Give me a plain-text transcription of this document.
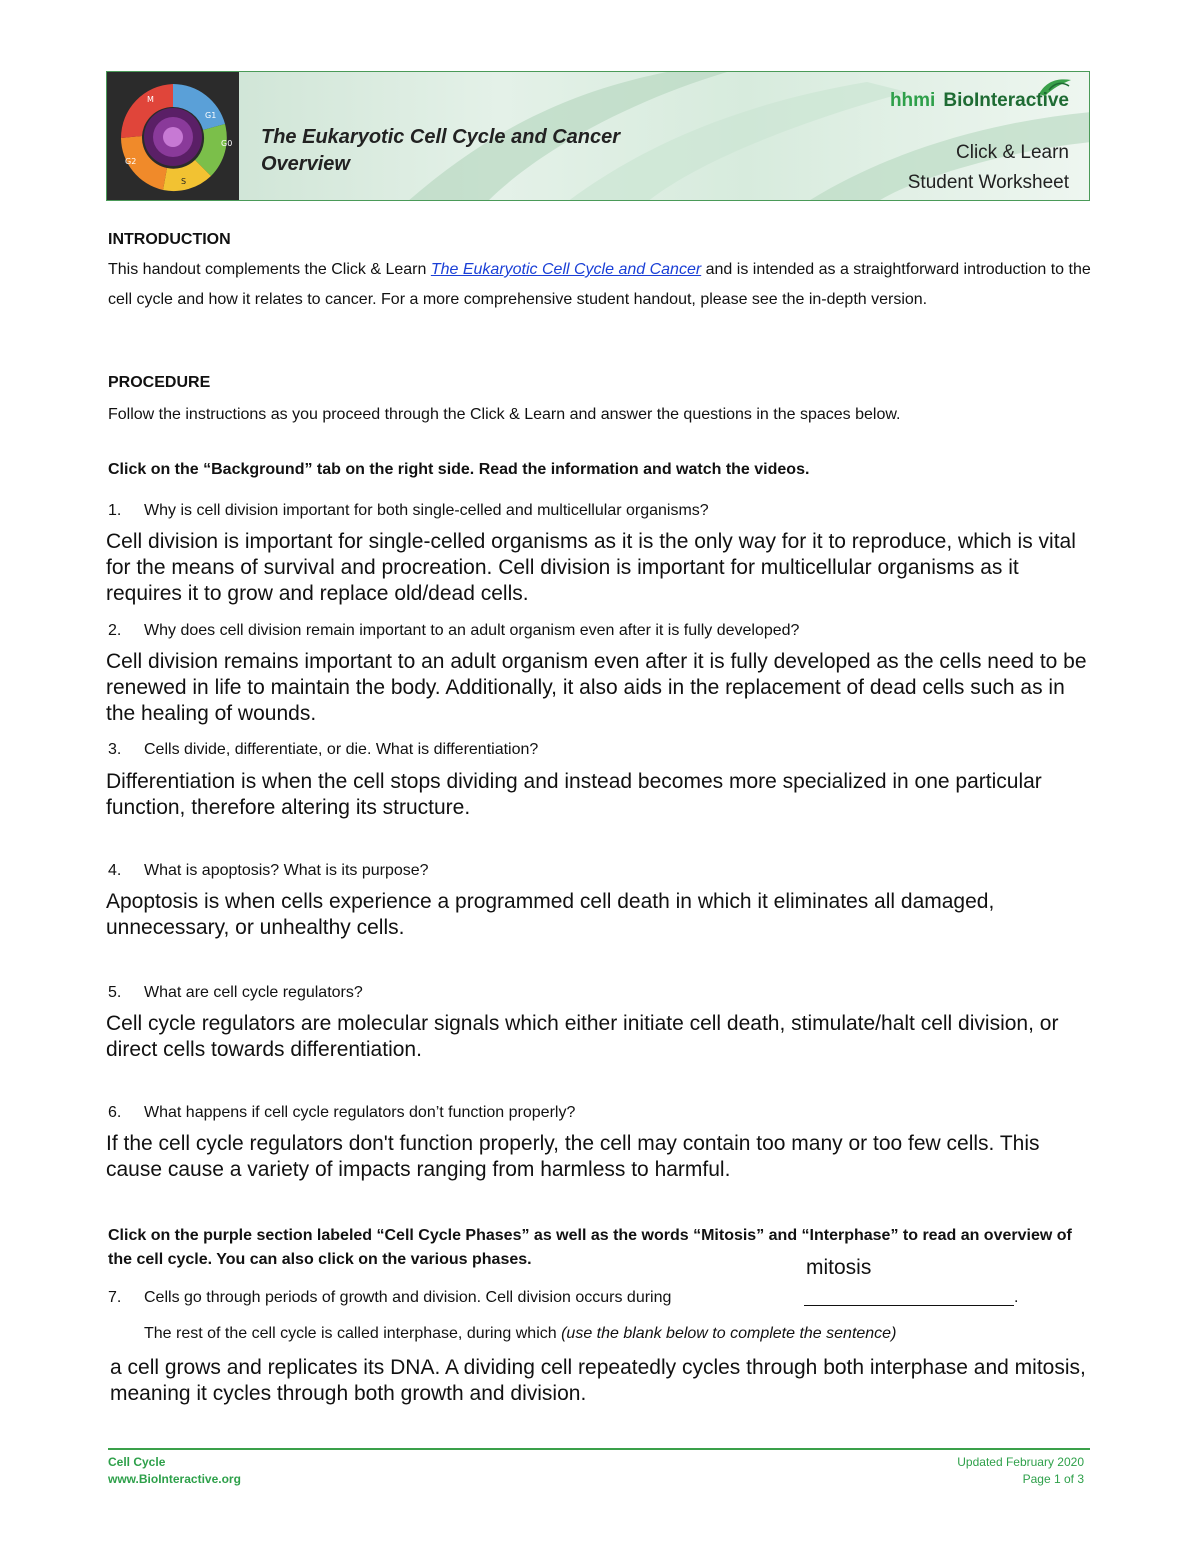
M
G1
G0
S
G2
The Eukaryotic Cell Cycle and Cancer
Overview
hhmi BioInteractive
Click & Learn
Student Worksheet
INTRODUCTION
This handout complements the Click & Learn The Eukaryotic Cell Cycle and Cancer and is intended as a straightforward introduction to the cell cycle and how it relates to cancer. For a more comprehensive student handout, please see the in-depth version.
PROCEDURE
Follow the instructions as you proceed through the Click & Learn and answer the questions in the spaces below.
Click on the “Background” tab on the right side. Read the information and watch the videos.
1. Why is cell division important for both single-celled and multicellular organisms?
Cell division is important for single-celled organisms as it is the only way for it to reproduce, which is vital for the means of survival and procreation. Cell division is important for multicellular organisms as it requires it to grow and replace old/dead cells.
2. Why does cell division remain important to an adult organism even after it is fully developed?
Cell division remains important to an adult organism even after it is fully developed as the cells need to be renewed in life to maintain the body. Additionally, it also aids in the replacement of dead cells such as in the healing of wounds.
3. Cells divide, differentiate, or die. What is differentiation?
Differentiation is when the cell stops dividing and instead becomes more specialized in one particular function, therefore altering its structure.
4. What is apoptosis? What is its purpose?
Apoptosis is when cells experience a programmed cell death in which it eliminates all damaged, unnecessary, or unhealthy cells.
5. What are cell cycle regulators?
Cell cycle regulators are molecular signals which either initiate cell death, stimulate/halt cell division, or direct cells towards differentiation.
6. What happens if cell cycle regulators don’t function properly?
If the cell cycle regulators don't function properly, the cell may contain too many or too few cells. This cause cause a variety of impacts ranging from harmless to harmful.
Click on the purple section labeled “Cell Cycle Phases” as well as the words “Mitosis” and “Interphase” to read an overview of the cell cycle. You can also click on the various phases.	mitosis
7. Cells go through periods of growth and division. Cell division occurs during	.
The rest of the cell cycle is called interphase, during which (use the blank below to complete the sentence)
a cell grows and replicates its DNA. A dividing cell repeatedly cycles through both interphase and mitosis, meaning it cycles through both growth and division.
Cell Cycle
www.BioInteractive.org
Updated February 2020
Page 1 of 3
